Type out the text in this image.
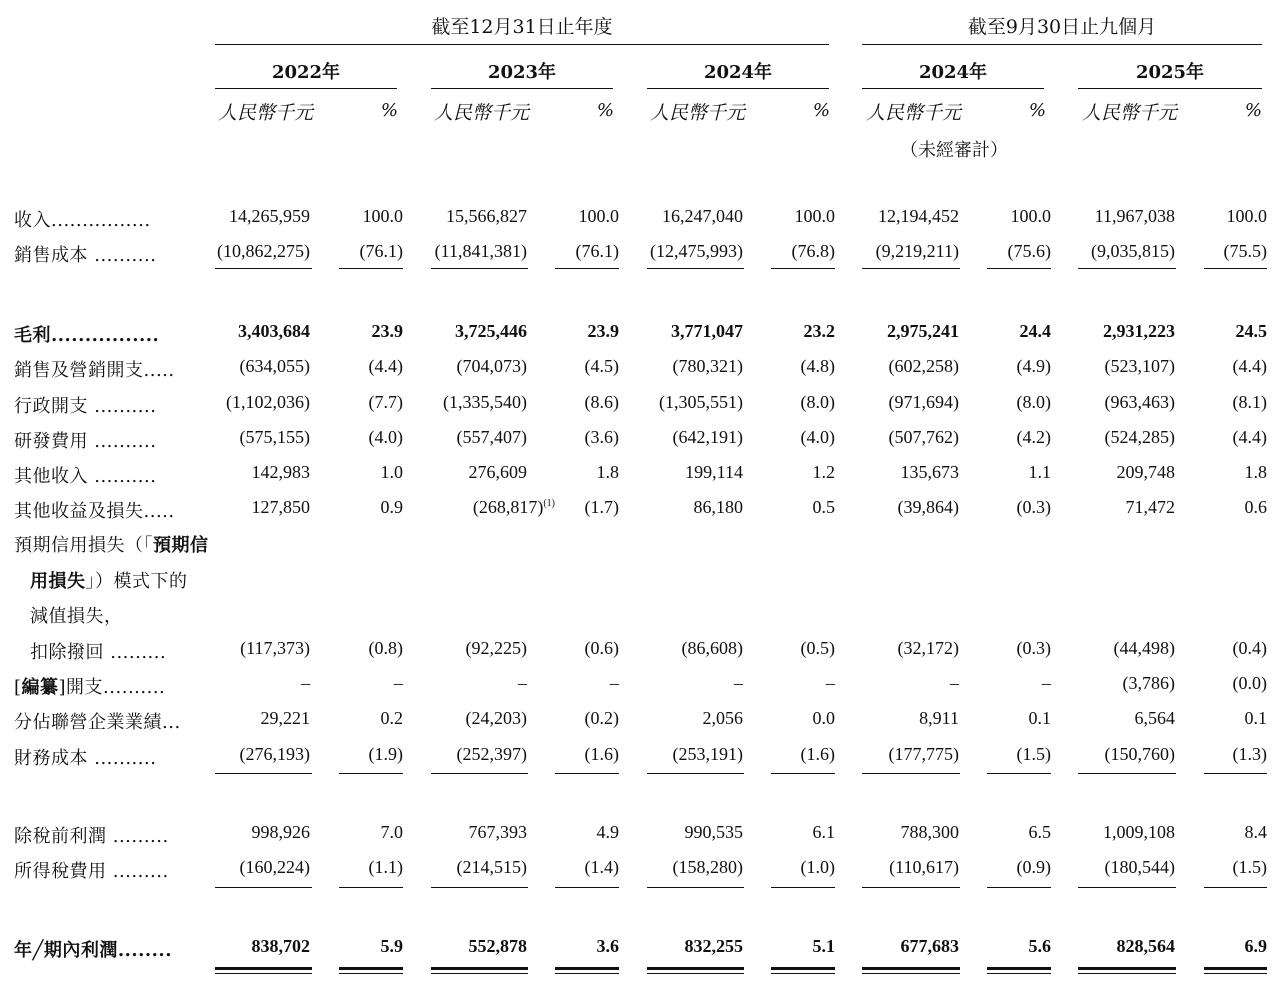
截至12月31日止年度	截至9月30日止九個月
2022年	2023年	2024年	2024年	2025年
人民幣千元	% 人民幣千元	% 人民幣千元	% 人民幣千元	% 人民幣千元	%
（未經審計）
收入................	14,265,959	100.0	15,566,827	100.0	16,247,040	100.0	12,194,452	100.0	11,967,038	100.0
銷售成本 ..........	(10,862,275)	(76.1)	(11,841,381)	(76.1)	(12,475,993)	(76.8)	(9,219,211)	(75.6)	(9,035,815)	(75.5)
毛利................	3,403,684	23.9	3,725,446	23.9	3,771,047	23.2	2,975,241	24.4	2,931,223	24.5
銷售及營銷開支.....	(634,055)	(4.4)	(704,073)	(4.5)	(780,321)	(4.8)	(602,258)	(4.9)	(523,107)	(4.4)
行政開支 ..........	(1,102,036)	(7.7)	(1,335,540)	(8.6)	(1,305,551)	(8.0)	(971,694)	(8.0)	(963,463)	(8.1)
研發費用 ..........	(575,155)	(4.0)	(557,407)	(3.6)	(642,191)	(4.0)	(507,762)	(4.2)	(524,285)	(4.4)
其他收入 ..........	142,983	1.0	276,609	1.8	199,114	1.2	135,673	1.1	209,748	1.8
其他收益及損失.....	127,850	0.9	$(268,817)^{(1)}$	(1.7)	86,180	0.5	(39,864)	(0.3)	71,472	0.6
預期信用損失（「預期信
用損失」）模式下的
減值損失，
扣除撥回 .........	(117,373)	(0.8)	(92,225)	(0.6)	(86,608)	(0.5)	(32,172)	(0.3)	(44,498)	(0.4)
[編纂]開支..........	–	–	–	–	–	–	–	–	(3,786)	(0.0)
分佔聯營企業業績...	29,221	0.2	(24,203)	(0.2)	2,056	0.0	8,911	0.1	6,564	0.1
財務成本 ..........	(276,193)	(1.9)	(252,397)	(1.6)	(253,191)	(1.6)	(177,775)	(1.5)	(150,760)	(1.3)
除稅前利潤 .........	998,926	7.0	767,393	4.9	990,535	6.1	788,300	6.5	1,009,108	8.4
所得稅費用 .........	(160,224)	(1.1)	(214,515)	(1.4)	(158,280)	(1.0)	(110,617)	(0.9)	(180,544)	(1.5)
年╱期內利潤........	838,702	5.9	552,878	3.6	832,255	5.1	677,683	5.6	828,564	6.9
